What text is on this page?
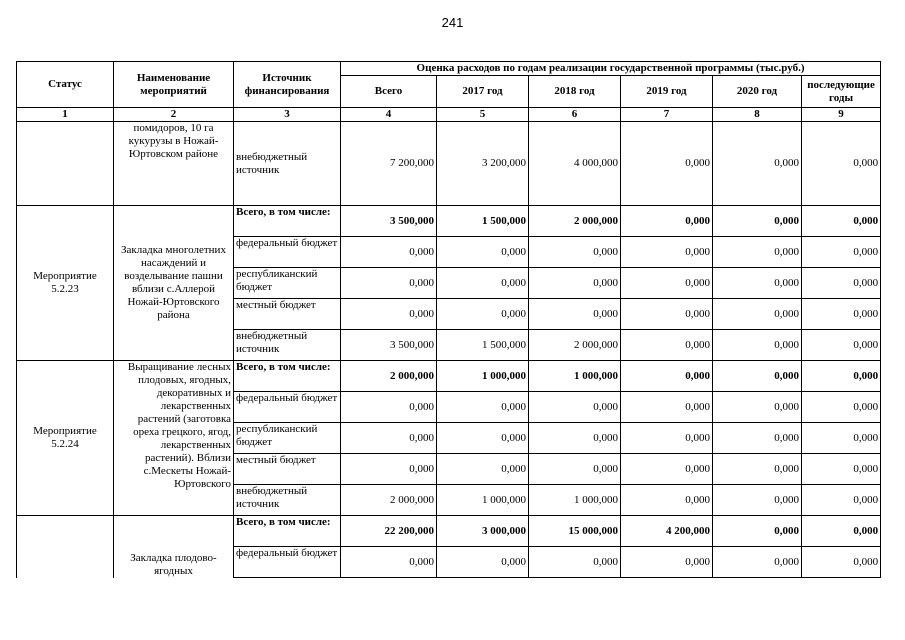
241
Статус	Наименование мероприятий	Источник финансирования	Оценка расходов по годам реализации государственной программы (тыс.руб.)					
			Всего	2017 год	2018 год	2019 год	2020 год	последующие годы
1	2	3	4	5	6	7	8	9
	помидоров, 10 га кукурузы в Ножай-Юртовском районе	внебюджетный источник	7 200,000	3 200,000	4 000,000	0,000	0,000	0,000
Мероприятие 5.2.23	Закладка многолетних насаждений и возделывание пашни вблизи с.Аллерой Ножай-Юртовского района	Всего, в том числе:	3 500,000	1 500,000	2 000,000	0,000	0,000	0,000
		федеральный бюджет	0,000	0,000	0,000	0,000	0,000	0,000
		республиканский бюджет	0,000	0,000	0,000	0,000	0,000	0,000
		местный бюджет	0,000	0,000	0,000	0,000	0,000	0,000
		внебюджетный источник	3 500,000	1 500,000	2 000,000	0,000	0,000	0,000
Мероприятие 5.2.24	Выращивание лесных плодовых, ягодных, декоративных и лекарственных растений (заготовка ореха грецкого, ягод, лекарственных растений). Вблизи с.Мескеты Ножай-Юртовского	Всего, в том числе:	2 000,000	1 000,000	1 000,000	0,000	0,000	0,000
		федеральный бюджет	0,000	0,000	0,000	0,000	0,000	0,000
		республиканский бюджет	0,000	0,000	0,000	0,000	0,000	0,000
		местный бюджет	0,000	0,000	0,000	0,000	0,000	0,000
		внебюджетный источник	2 000,000	1 000,000	1 000,000	0,000	0,000	0,000
	Закладка плодово-ягодных	Всего, в том числе:	22 200,000	3 000,000	15 000,000	4 200,000	0,000	0,000
		федеральный бюджет	0,000	0,000	0,000	0,000	0,000	0,000
